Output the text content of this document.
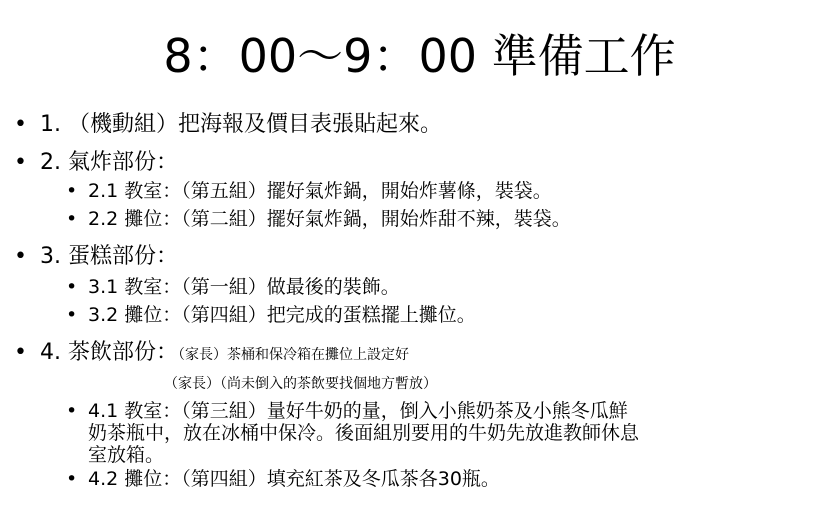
8：00～9：00 準備工作
• 1. （機動組）把海報及價目表張貼起來。
• 2. 氣炸部份：
• 2.1 教室：（第五組）擺好氣炸鍋，開始炸薯條，裝袋。
• 2.2 攤位：（第二組）擺好氣炸鍋，開始炸甜不辣，裝袋。
• 3. 蛋糕部份：
• 3.1 教室：（第一組）做最後的裝飾。
• 3.2 攤位：（第四組）把完成的蛋糕擺上攤位。
• 4. 茶飲部份：（家長）茶桶和保冷箱在攤位上設定好
（家長）（尚未倒入的茶飲要找個地方暫放）
• 4.1 教室：（第三組）量好牛奶的量，倒入小熊奶茶及小熊冬瓜鮮
奶茶瓶中，放在冰桶中保冷。後面組別要用的牛奶先放進教師休息
室放箱。
• 4.2 攤位：（第四組）填充紅茶及冬瓜茶各30瓶。
